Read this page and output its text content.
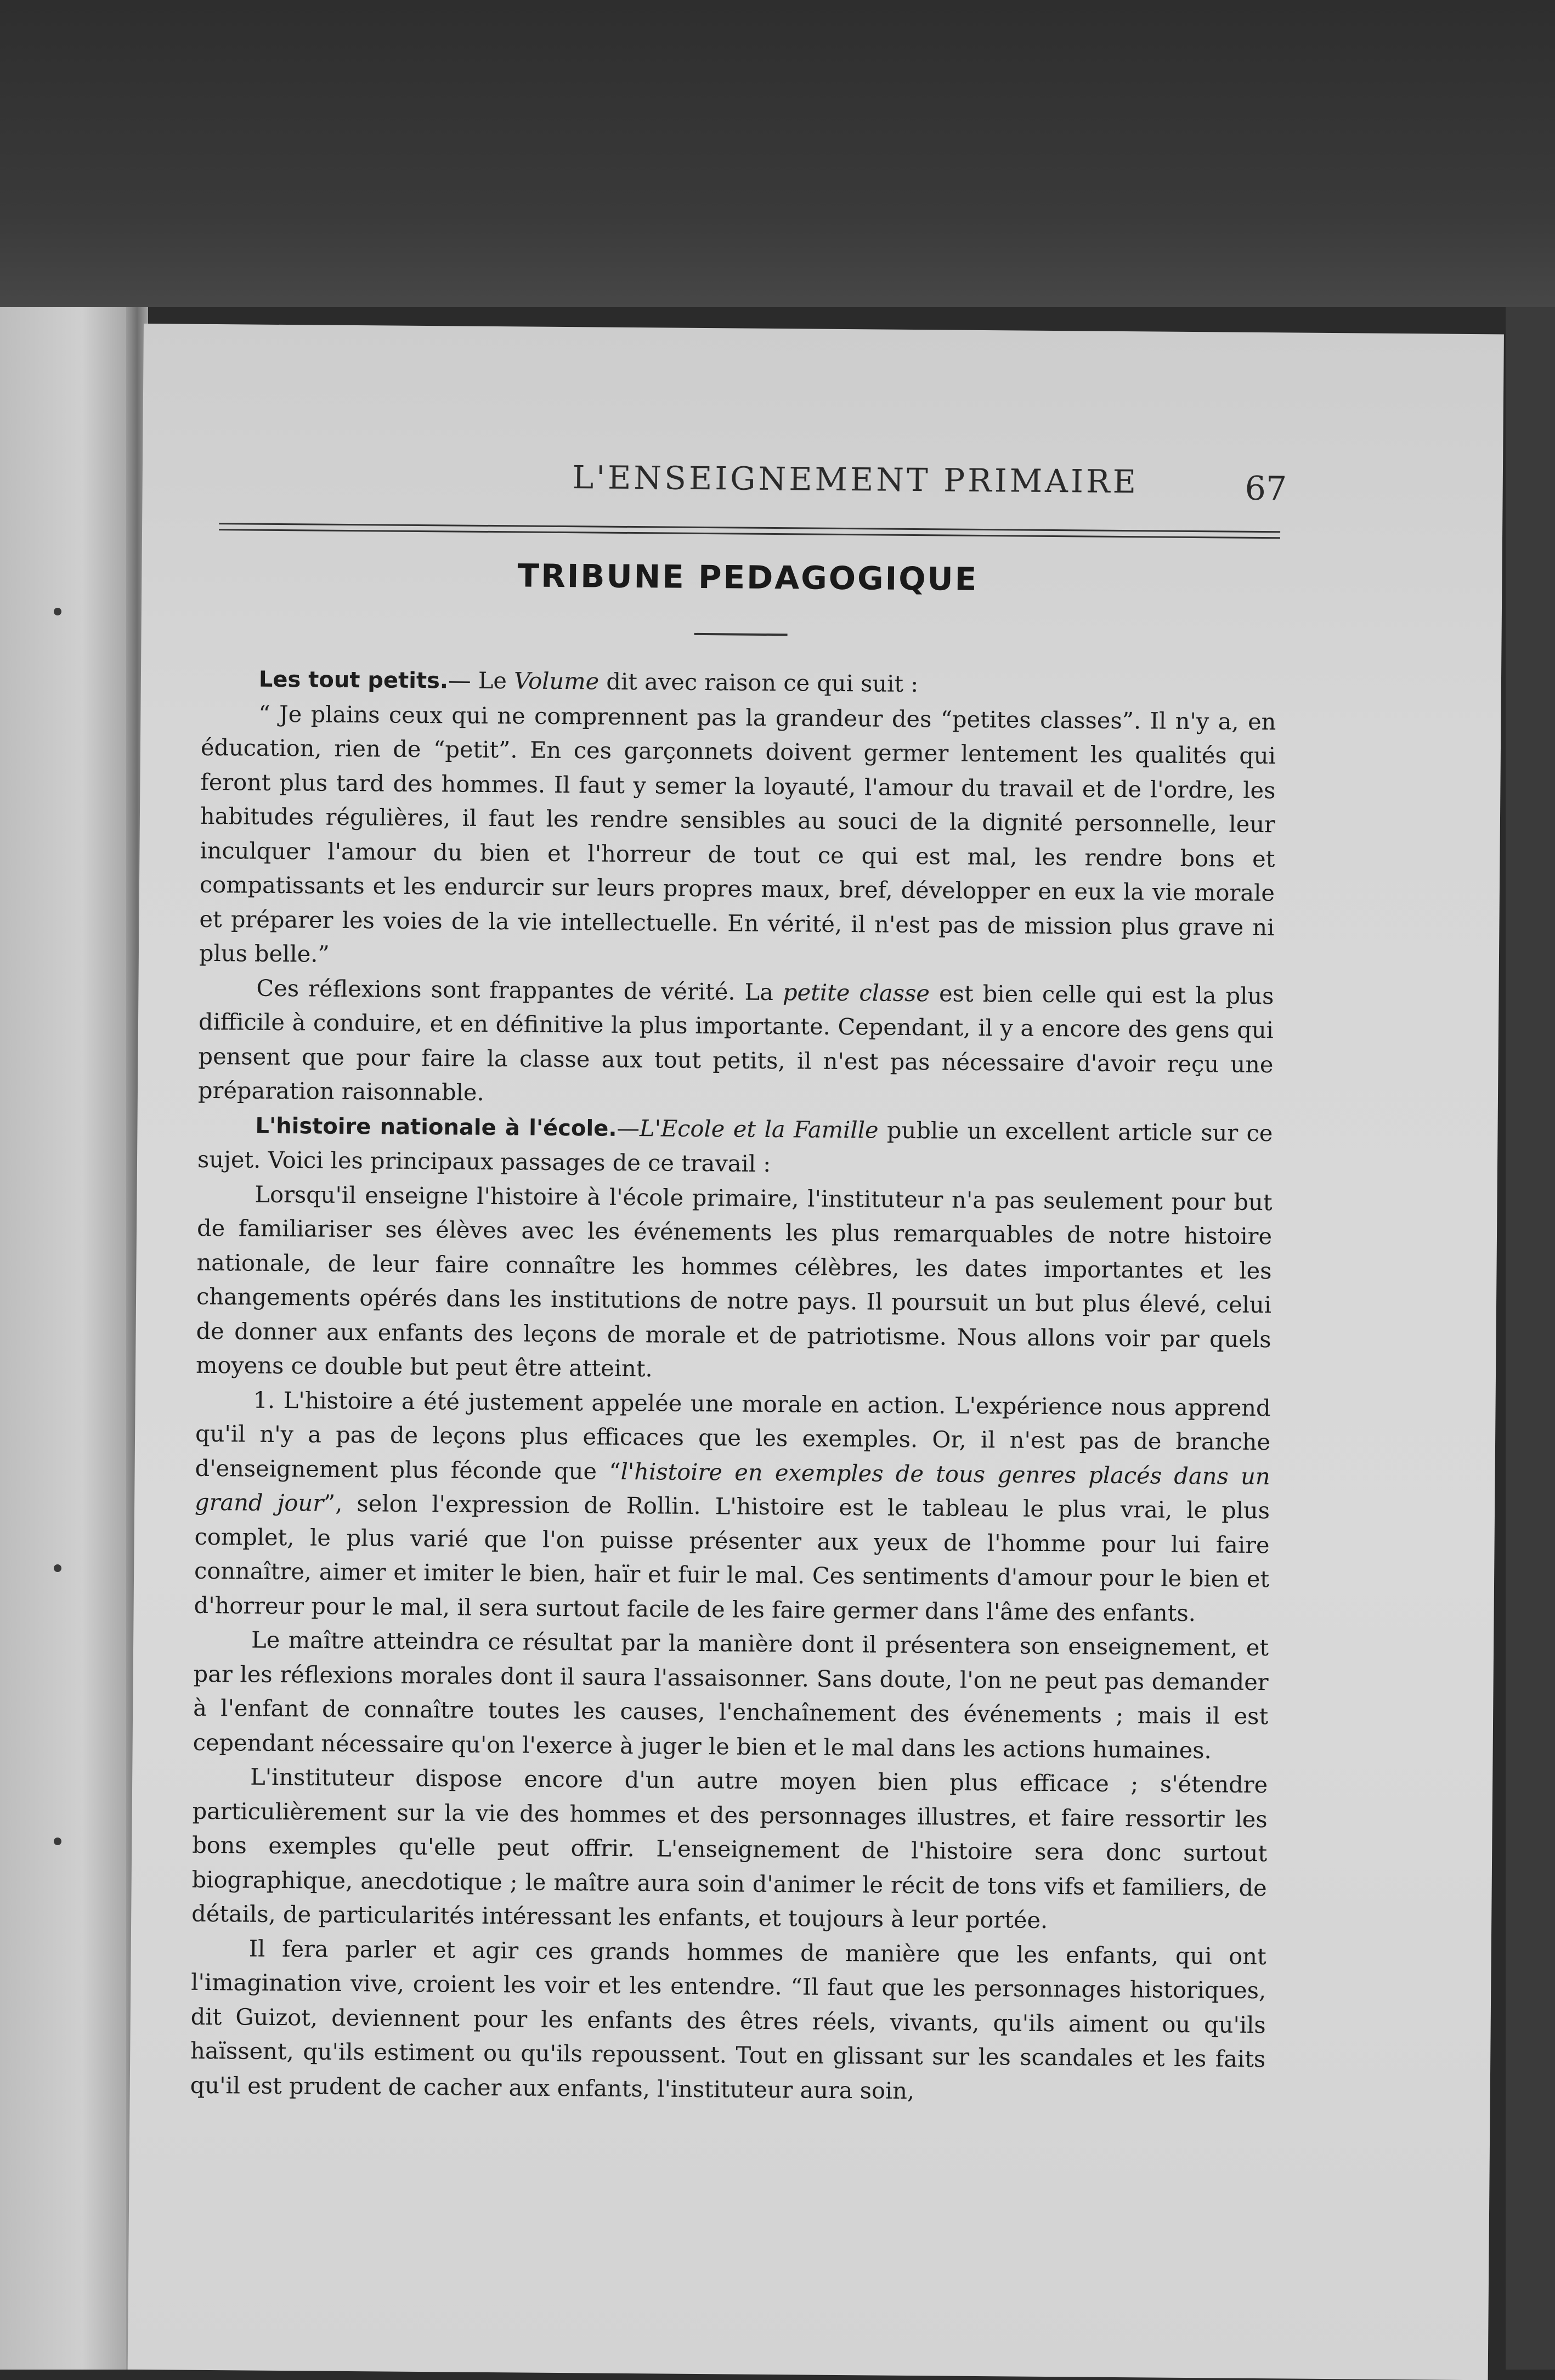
L'ENSEIGNEMENT PRIMAIRE	67
TRIBUNE PEDAGOGIQUE

Les tout petits.— Le Volume dit avec raison ce qui suit :

“ Je plains ceux qui ne comprennent pas la grandeur des “petites classes”. Il n'y a, en éducation, rien de “petit”. En ces garçonnets doivent germer lentement les qualités qui feront plus tard des hommes. Il faut y semer la loyauté, l'amour du travail et de l'ordre, les habitudes régulières, il faut les rendre sensibles au souci de la dignité personnelle, leur inculquer l'amour du bien et l'horreur de tout ce qui est mal, les rendre bons et compatissants et les endurcir sur leurs propres maux, bref, développer en eux la vie morale et préparer les voies de la vie intellectuelle. En vérité, il n'est pas de mission plus grave ni plus belle.”

Ces réflexions sont frappantes de vérité. La petite classe est bien celle qui est la plus difficile à conduire, et en définitive la plus importante. Cependant, il y a encore des gens qui pensent que pour faire la classe aux tout petits, il n'est pas nécessaire d'avoir reçu une préparation raisonnable.

L'histoire nationale à l'école.—L'Ecole et la Famille publie un excellent article sur ce sujet. Voici les principaux passages de ce travail :

Lorsqu'il enseigne l'histoire à l'école primaire, l'instituteur n'a pas seulement pour but de familiariser ses élèves avec les événements les plus remarquables de notre histoire nationale, de leur faire connaître les hommes célèbres, les dates importantes et les changements opérés dans les institutions de notre pays. Il poursuit un but plus élevé, celui de donner aux enfants des leçons de morale et de patriotisme. Nous allons voir par quels moyens ce double but peut être atteint.

1. L'histoire a été justement appelée une morale en action. L'expérience nous apprend qu'il n'y a pas de leçons plus efficaces que les exemples. Or, il n'est pas de branche d'enseignement plus féconde que “l'histoire en exemples de tous genres placés dans un grand jour”, selon l'expression de Rollin. L'histoire est le tableau le plus vrai, le plus complet, le plus varié que l'on puisse présenter aux yeux de l'homme pour lui faire connaître, aimer et imiter le bien, haïr et fuir le mal. Ces sentiments d'amour pour le bien et d'horreur pour le mal, il sera surtout facile de les faire germer dans l'âme des enfants.

Le maître atteindra ce résultat par la manière dont il présentera son enseignement, et par les réflexions morales dont il saura l'assaisonner. Sans doute, l'on ne peut pas demander à l'enfant de connaître toutes les causes, l'enchaînement des événements ; mais il est cependant nécessaire qu'on l'exerce à juger le bien et le mal dans les actions humaines.

L'instituteur dispose encore d'un autre moyen bien plus efficace ; s'étendre particulièrement sur la vie des hommes et des personnages illustres, et faire ressortir les bons exemples qu'elle peut offrir. L'enseignement de l'histoire sera donc surtout biographique, anecdotique ; le maître aura soin d'animer le récit de tons vifs et familiers, de détails, de particularités intéressant les enfants, et toujours à leur portée.

Il fera parler et agir ces grands hommes de manière que les enfants, qui ont l'imagination vive, croient les voir et les entendre. “Il faut que les personnages historiques, dit Guizot, deviennent pour les enfants des êtres réels, vivants, qu'ils aiment ou qu'ils haïssent, qu'ils estiment ou qu'ils repoussent. Tout en glissant sur les scandales et les faits qu'il est prudent de cacher aux enfants, l'instituteur aura soin,
